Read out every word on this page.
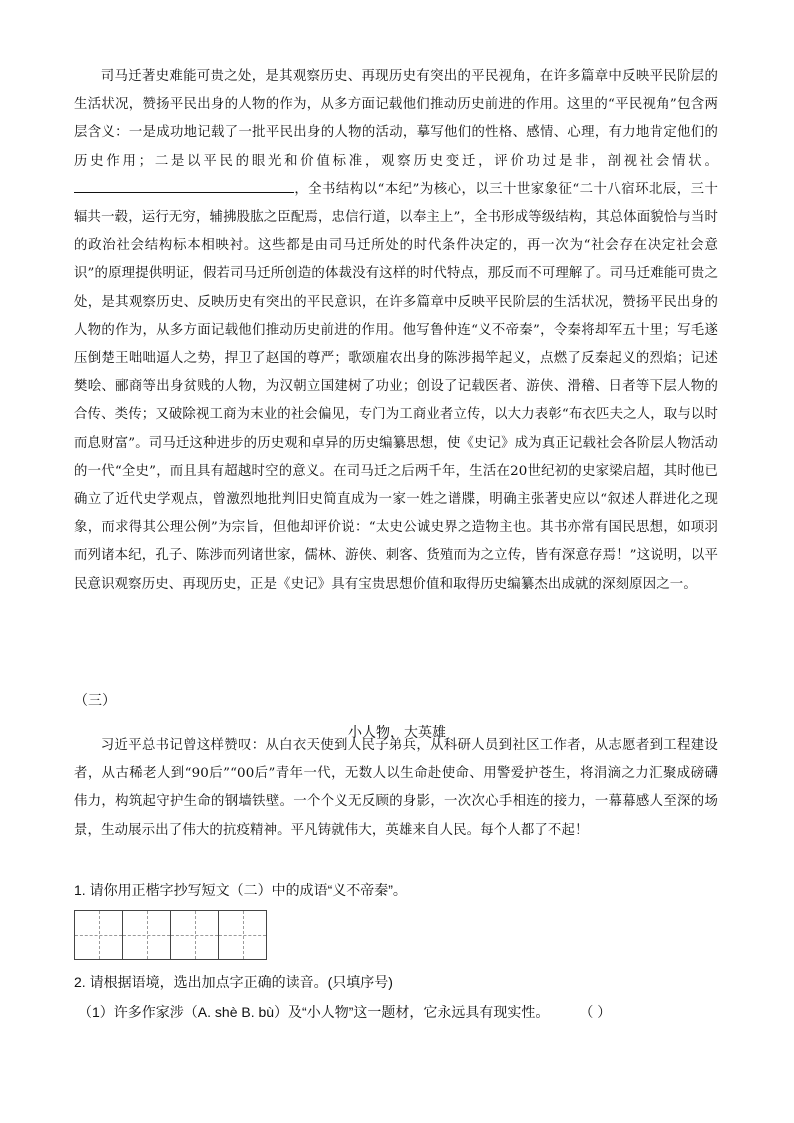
司马迁著史难能可贵之处，是其观察历史、再现历史有突出的平民视角，在许多篇章中反映平民阶层的生活状况，赞扬平民出身的人物的作为，从多方面记载他们推动历史前进的作用。这里的“平民视角”包含两层含义：一是成功地记载了一批平民出身的人物的活动，摹写他们的性格、感情、心理，有力地肯定他们的历史作用；二是以平民的眼光和价值标准，观察历史变迁，评价功过是非，剖视社会情状。，全书结构以“本纪”为核心，以三十世家象征“二十八宿环北辰，三十辐共一毂，运行无穷，辅拂股肱之臣配焉，忠信行道，以奉主上”，全书形成等级结构，其总体面貌恰与当时的政治社会结构标本相映衬。这些都是由司马迁所处的时代条件决定的，再一次为“社会存在决定社会意识”的原理提供明证，假若司马迁所创造的体裁没有这样的时代特点，那反而不可理解了。司马迁难能可贵之处，是其观察历史、反映历史有突出的平民意识，在许多篇章中反映平民阶层的生活状况，赞扬平民出身的人物的作为，从多方面记载他们推动历史前进的作用。他写鲁仲连“义不帝秦”，令秦将却军五十里；写毛遂压倒楚王咄咄逼人之势，捍卫了赵国的尊严；歌颂雇农出身的陈涉揭竿起义，点燃了反秦起义的烈焰；记述樊哙、郦商等出身贫贱的人物，为汉朝立国建树了功业；创设了记载医者、游侠、滑稽、日者等下层人物的合传、类传；又破除视工商为末业的社会偏见，专门为工商业者立传，以大力表彰“布衣匹夫之人，取与以时而息财富”。司马迁这种进步的历史观和卓异的历史编纂思想，使《史记》成为真正记载社会各阶层人物活动的一代“全史”，而且具有超越时空的意义。在司马迁之后两千年，生活在20世纪初的史家梁启超，其时他已确立了近代史学观点，曾激烈地批判旧史简直成为一家一姓之谱牒，明确主张著史应以“叙述人群进化之现象，而求得其公理公例”为宗旨，但他却评价说：“太史公诚史界之造物主也。其书亦常有国民思想，如项羽而列诸本纪，孔子、陈涉而列诸世家，儒林、游侠、刺客、货殖而为之立传，皆有深意存焉！”这说明，以平民意识观察历史、再现历史，正是《史记》具有宝贵思想价值和取得历史编纂杰出成就的深刻原因之一。

（三）
小人物，大英雄

习近平总书记曾这样赞叹：从白衣天使到人民子弟兵，从科研人员到社区工作者，从志愿者到工程建设者，从古稀老人到“90后”“00后”青年一代，无数人以生命赴使命、用警爱护苍生，将涓滴之力汇聚成磅礴伟力，构筑起守护生命的钢墙铁壁。一个个义无反顾的身影，一次次心手相连的接力，一幕幕感人至深的场景，生动展示出了伟大的抗疫精神。平凡铸就伟大，英雄来自人民。每个人都了不起！

1. 请你用正楷字抄写短文（二）中的成语“义不帝秦”。
2. 请根据语境，选出加点字正确的读音。(只填序号)
（1）许多作家涉（A. shè B. bù）及“小人物”这一题材，它永远具有现实性。 （ ）
